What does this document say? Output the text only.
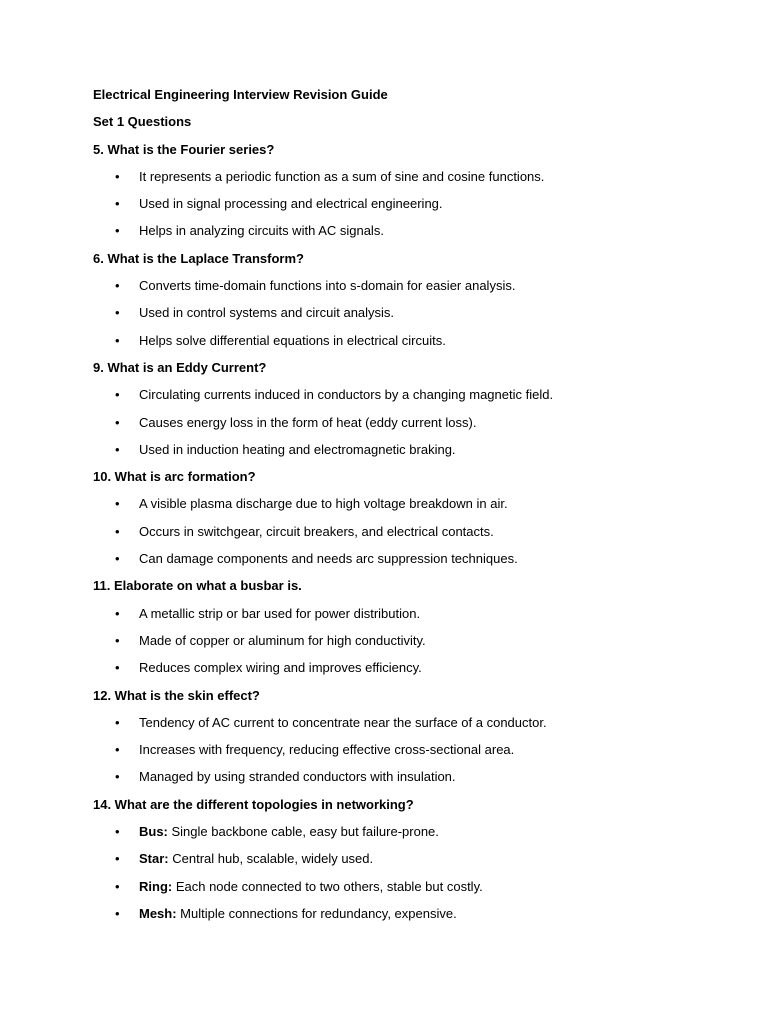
Electrical Engineering Interview Revision Guide
Set 1 Questions
5. What is the Fourier series?
• It represents a periodic function as a sum of sine and cosine functions.
• Used in signal processing and electrical engineering.
• Helps in analyzing circuits with AC signals.
6. What is the Laplace Transform?
• Converts time-domain functions into s-domain for easier analysis.
• Used in control systems and circuit analysis.
• Helps solve differential equations in electrical circuits.
9. What is an Eddy Current?
• Circulating currents induced in conductors by a changing magnetic field.
• Causes energy loss in the form of heat (eddy current loss).
• Used in induction heating and electromagnetic braking.
10. What is arc formation?
• A visible plasma discharge due to high voltage breakdown in air.
• Occurs in switchgear, circuit breakers, and electrical contacts.
• Can damage components and needs arc suppression techniques.
11. Elaborate on what a busbar is.
• A metallic strip or bar used for power distribution.
• Made of copper or aluminum for high conductivity.
• Reduces complex wiring and improves efficiency.
12. What is the skin effect?
• Tendency of AC current to concentrate near the surface of a conductor.
• Increases with frequency, reducing effective cross-sectional area.
• Managed by using stranded conductors with insulation.
14. What are the different topologies in networking?
• Bus: Single backbone cable, easy but failure-prone.
• Star: Central hub, scalable, widely used.
• Ring: Each node connected to two others, stable but costly.
• Mesh: Multiple connections for redundancy, expensive.
